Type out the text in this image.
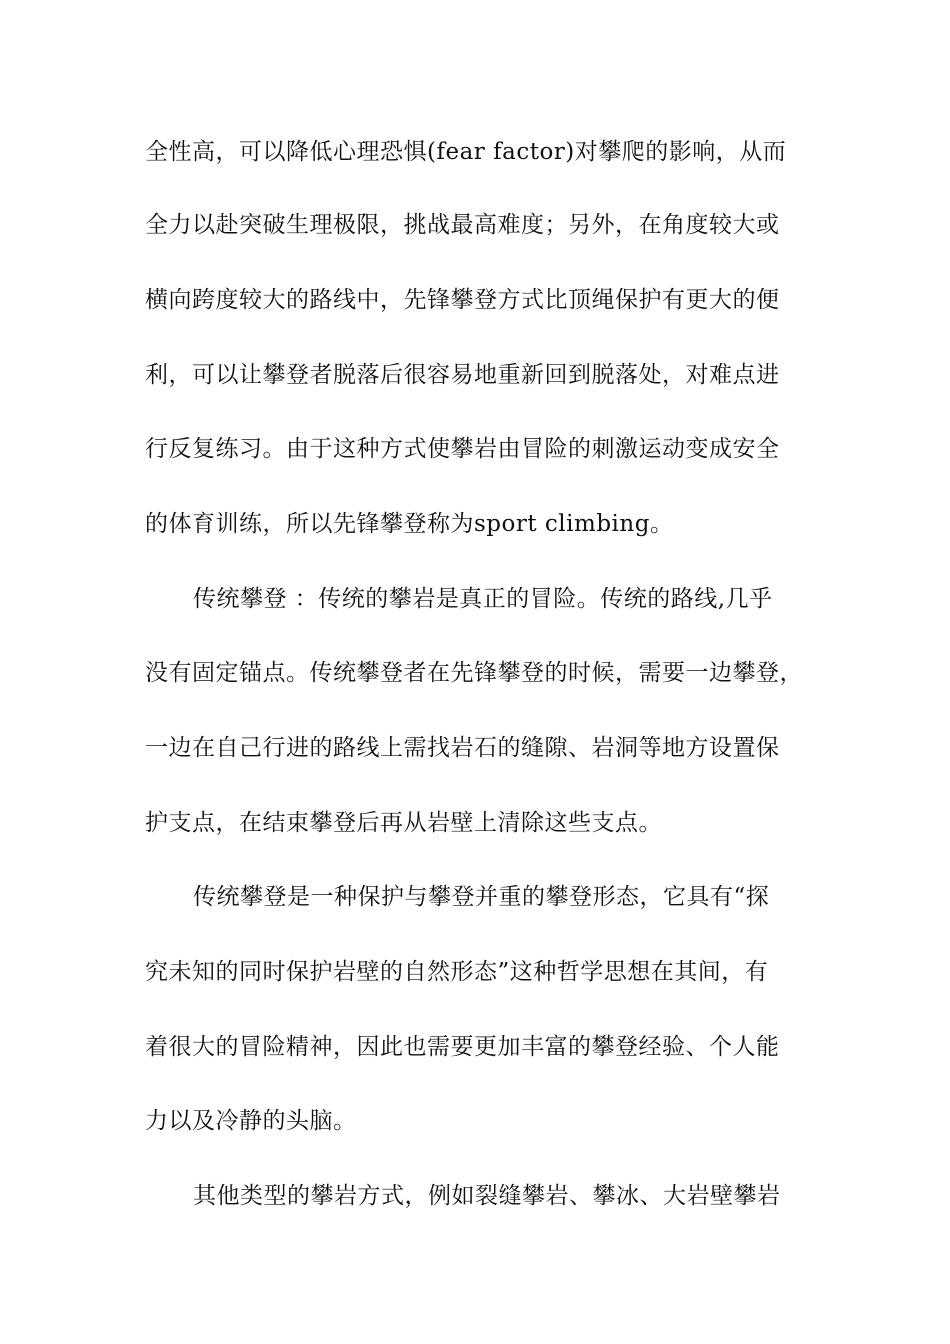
全性高，可以降低心理恐惧(fear factor)对攀爬的影响，从而
全力以赴突破生理极限，挑战最高难度；另外，在角度较大或
横向跨度较大的路线中，先锋攀登方式比顶绳保护有更大的便
利，可以让攀登者脱落后很容易地重新回到脱落处，对难点进
行反复练习。由于这种方式使攀岩由冒险的刺激运动变成安全
的体育训练，所以先锋攀登称为sport climbing。
传统攀登 ：传统的攀岩是真正的冒险。传统的路线,几乎
没有固定锚点。传统攀登者在先锋攀登的时候，需要一边攀登，
一边在自己行进的路线上需找岩石的缝隙、岩洞等地方设置保
护支点，在结束攀登后再从岩壁上清除这些支点。
传统攀登是一种保护与攀登并重的攀登形态，它具有“探
究未知的同时保护岩壁的自然形态”这种哲学思想在其间，有
着很大的冒险精神，因此也需要更加丰富的攀登经验、个人能
力以及冷静的头脑。
其他类型的攀岩方式，例如裂缝攀岩、攀冰、大岩壁攀岩
